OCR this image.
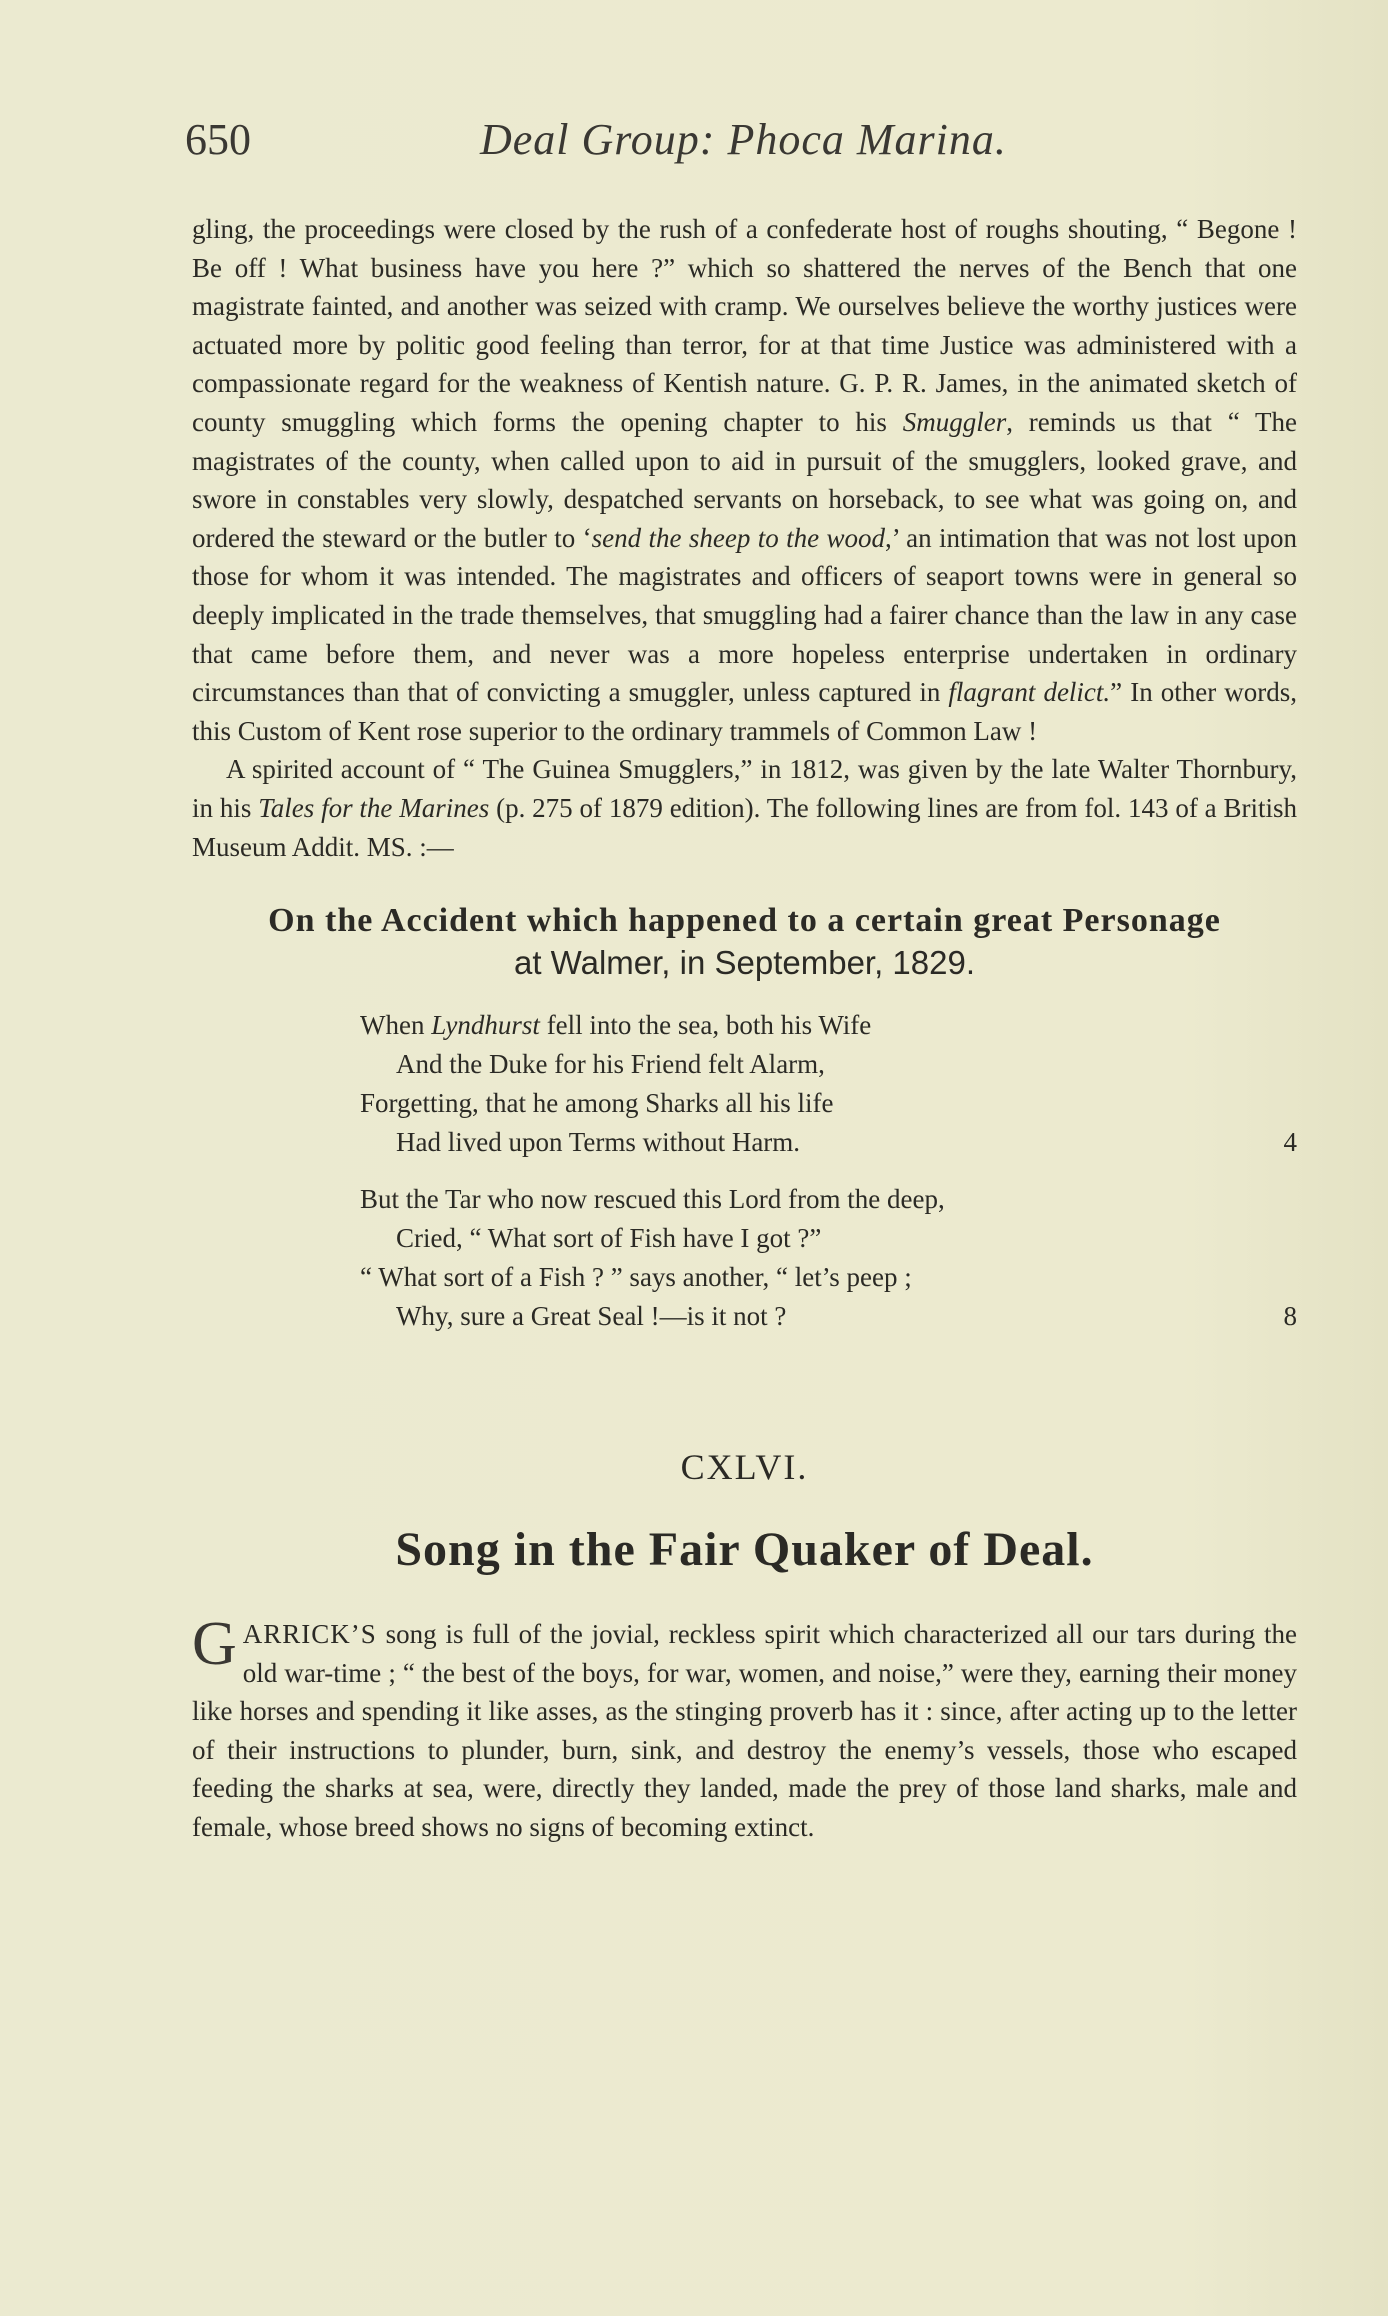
650	Deal Group: Phoca Marina.

gling, the proceedings were closed by the rush of a confederate host of roughs shouting, “ Begone ! Be off ! What business have you here ?” which so shattered the nerves of the Bench that one magistrate fainted, and another was seized with cramp. We ourselves believe the worthy justices were actuated more by politic good feeling than terror, for at that time Justice was administered with a compassionate regard for the weakness of Kentish nature. G. P. R. James, in the animated sketch of county smuggling which forms the opening chapter to his Smuggler, reminds us that “ The magistrates of the county, when called upon to aid in pursuit of the smugglers, looked grave, and swore in constables very slowly, despatched servants on horseback, to see what was going on, and ordered the steward or the butler to ‘send the sheep to the wood,’ an intimation that was not lost upon those for whom it was intended. The magistrates and officers of seaport towns were in general so deeply implicated in the trade themselves, that smuggling had a fairer chance than the law in any case that came before them, and never was a more hopeless enterprise undertaken in ordinary circumstances than that of convicting a smuggler, unless captured in flagrant delict.” In other words, this Custom of Kent rose superior to the ordinary trammels of Common Law !

A spirited account of “ The Guinea Smugglers,” in 1812, was given by the late Walter Thornbury, in his Tales for the Marines (p. 275 of 1879 edition). The following lines are from fol. 143 of a British Museum Addit. MS. :—

On the Accident which happened to a certain great Personage
at Walmer, in September, 1829.
When Lyndhurst fell into the sea, both his Wife
And the Duke for his Friend felt Alarm,
Forgetting, that he among Sharks all his life
Had lived upon Terms without Harm.	4
But the Tar who now rescued this Lord from the deep,
Cried, “ What sort of Fish have I got ?”
“ What sort of a Fish ? ” says another, “ let’s peep ;
Why, sure a Great Seal !—is it not ?	8
CXLVI.
Song in the Fair Quaker of Deal.

GARRICK’S song is full of the jovial, reckless spirit which characterized all our tars during the old war-time ; “ the best of the boys, for war, women, and noise,” were they, earning their money like horses and spending it like asses, as the stinging proverb has it : since, after acting up to the letter of their instructions to plunder, burn, sink, and destroy the enemy’s vessels, those who escaped feeding the sharks at sea, were, directly they landed, made the prey of those land sharks, male and female, whose breed shows no signs of becoming extinct.
